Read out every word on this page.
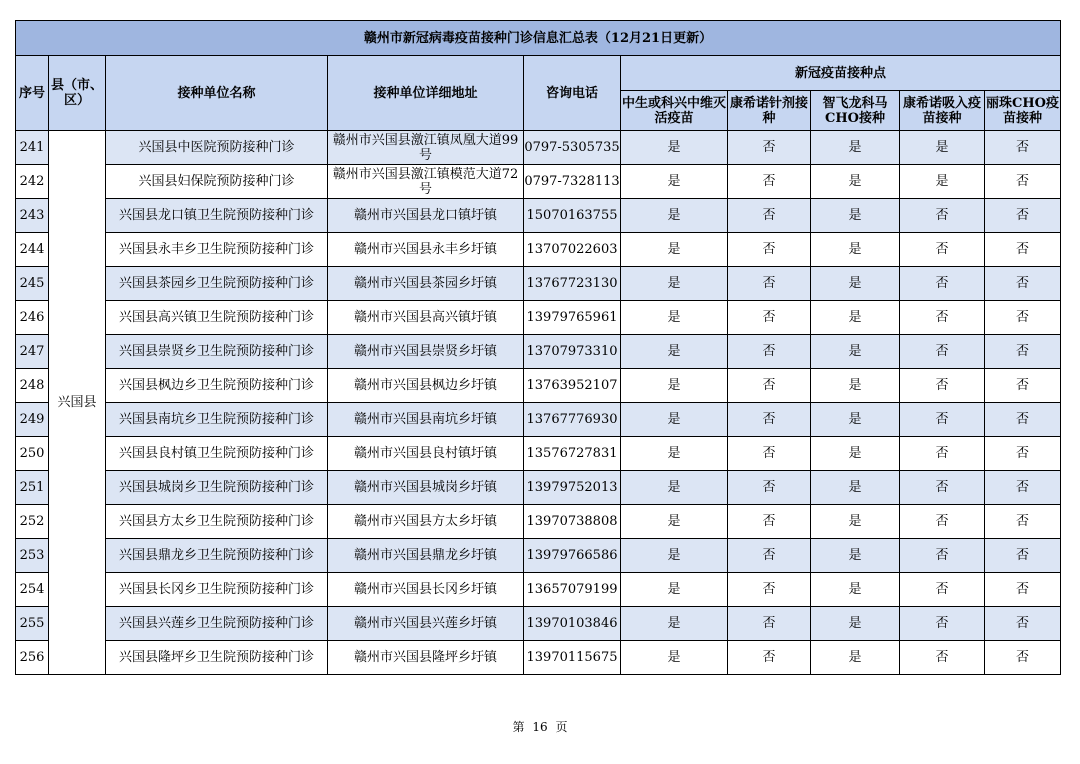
赣州市新冠病毒疫苗接种门诊信息汇总表（12月21日更新）									
序号	县（市、区）	接种单位名称	接种单位详细地址	咨询电话	新冠疫苗接种点				
					中生或科兴中维灭活疫苗	康希诺针剂接种	智飞龙科马CHO接种	康希诺吸入疫苗接种	丽珠CHO疫苗接种
241	兴国县	兴国县中医院预防接种门诊	赣州市兴国县激江镇凤凰大道99号	0797-5305735	是	否	是	是	否
242		兴国县妇保院预防接种门诊	赣州市兴国县激江镇模范大道72号	0797-7328113	是	否	是	是	否
243		兴国县龙口镇卫生院预防接种门诊	赣州市兴国县龙口镇圩镇	15070163755	是	否	是	否	否
244		兴国县永丰乡卫生院预防接种门诊	赣州市兴国县永丰乡圩镇	13707022603	是	否	是	否	否
245		兴国县茶园乡卫生院预防接种门诊	赣州市兴国县茶园乡圩镇	13767723130	是	否	是	否	否
246		兴国县高兴镇卫生院预防接种门诊	赣州市兴国县高兴镇圩镇	13979765961	是	否	是	否	否
247		兴国县崇贤乡卫生院预防接种门诊	赣州市兴国县崇贤乡圩镇	13707973310	是	否	是	否	否
248		兴国县枫边乡卫生院预防接种门诊	赣州市兴国县枫边乡圩镇	13763952107	是	否	是	否	否
249		兴国县南坑乡卫生院预防接种门诊	赣州市兴国县南坑乡圩镇	13767776930	是	否	是	否	否
250		兴国县良村镇卫生院预防接种门诊	赣州市兴国县良村镇圩镇	13576727831	是	否	是	否	否
251		兴国县城岗乡卫生院预防接种门诊	赣州市兴国县城岗乡圩镇	13979752013	是	否	是	否	否
252		兴国县方太乡卫生院预防接种门诊	赣州市兴国县方太乡圩镇	13970738808	是	否	是	否	否
253		兴国县鼎龙乡卫生院预防接种门诊	赣州市兴国县鼎龙乡圩镇	13979766586	是	否	是	否	否
254		兴国县长冈乡卫生院预防接种门诊	赣州市兴国县长冈乡圩镇	13657079199	是	否	是	否	否
255		兴国县兴莲乡卫生院预防接种门诊	赣州市兴国县兴莲乡圩镇	13970103846	是	否	是	否	否
256		兴国县隆坪乡卫生院预防接种门诊	赣州市兴国县隆坪乡圩镇	13970115675	是	否	是	否	否
第 16 页
